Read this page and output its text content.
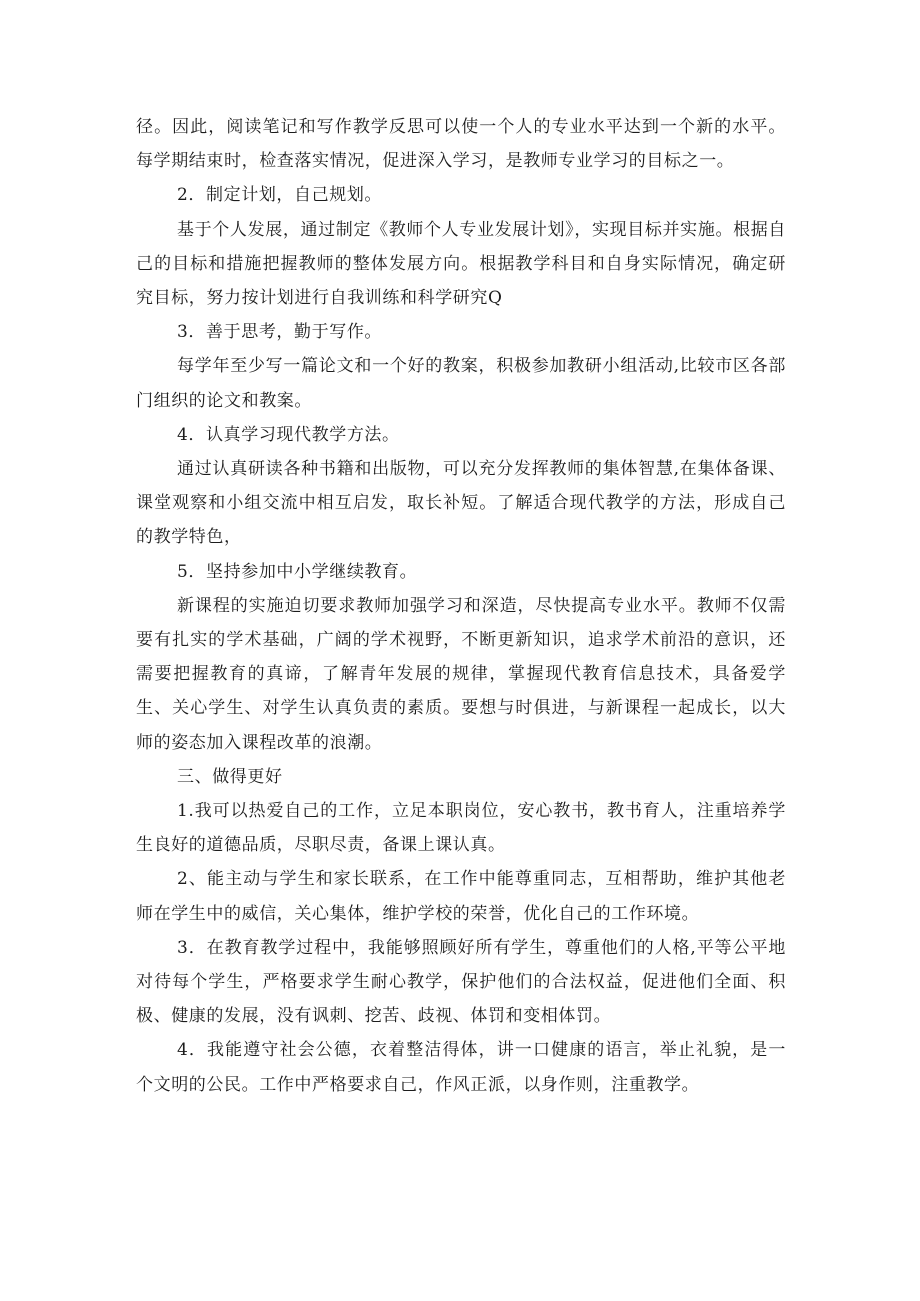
径。因此，阅读笔记和写作教学反思可以使一个人的专业水平达到一个新的水平。每学期结束时，检查落实情况，促进深入学习，是教师专业学习的目标之一。

2．制定计划，自己规划。

基于个人发展，通过制定《教师个人专业发展计划》，实现目标并实施。根据自己的目标和措施把握教师的整体发展方向。根据教学科目和自身实际情况，确定研究目标，努力按计划进行自我训练和科学研究Q

3．善于思考，勤于写作。

每学年至少写一篇论文和一个好的教案，积极参加教研小组活动,比较市区各部门组织的论文和教案。

4．认真学习现代教学方法。

通过认真研读各种书籍和出版物，可以充分发挥教师的集体智慧,在集体备课、课堂观察和小组交流中相互启发，取长补短。了解适合现代教学的方法，形成自己的教学特色，

5．坚持参加中小学继续教育。

新课程的实施迫切要求教师加强学习和深造，尽快提高专业水平。教师不仅需要有扎实的学术基础，广阔的学术视野，不断更新知识，追求学术前沿的意识，还需要把握教育的真谛，了解青年发展的规律，掌握现代教育信息技术，具备爱学生、关心学生、对学生认真负责的素质。要想与时俱进，与新课程一起成长，以大师的姿态加入课程改革的浪潮。

三、做得更好

1.我可以热爱自己的工作，立足本职岗位，安心教书，教书育人，注重培养学生良好的道德品质，尽职尽责，备课上课认真。

2、能主动与学生和家长联系，在工作中能尊重同志，互相帮助，维护其他老师在学生中的威信，关心集体，维护学校的荣誉，优化自己的工作环境。

3．在教育教学过程中，我能够照顾好所有学生，尊重他们的人格,平等公平地对待每个学生，严格要求学生耐心教学，保护他们的合法权益，促进他们全面、积极、健康的发展，没有讽刺、挖苦、歧视、体罚和变相体罚。

4．我能遵守社会公德，衣着整洁得体，讲一口健康的语言，举止礼貌，是一个文明的公民。工作中严格要求自己，作风正派，以身作则，注重教学。
